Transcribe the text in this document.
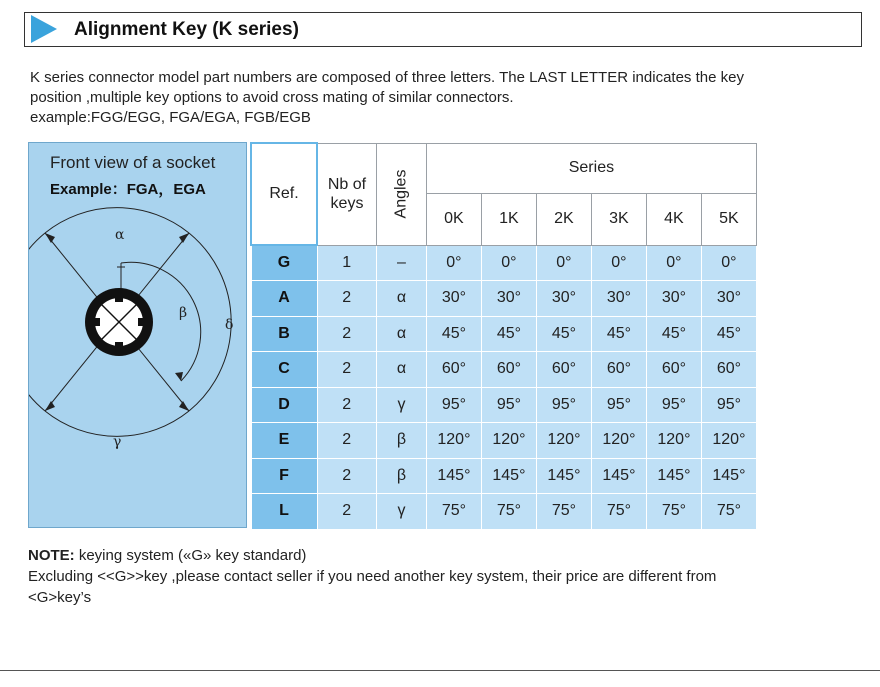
Alignment Key (K series)
K series connector model part numbers are composed of three letters. The LAST LETTER indicates the key
position ,multiple key options to avoid cross mating of similar connectors.
example:FGG/EGG, FGA/EGA, FGB/EGB
Front view of a socket
Example：FGA，EGA
α
β
δ
γ
Ref.	Nb of keys	Angles	Series					
			0K	1K	2K	3K	4K	5K
G	1	–	0°	0°	0°	0°	0°	0°
A	2	α	30°	30°	30°	30°	30°	30°
B	2	α	45°	45°	45°	45°	45°	45°
C	2	α	60°	60°	60°	60°	60°	60°
D	2	γ	95°	95°	95°	95°	95°	95°
E	2	β	120°	120°	120°	120°	120°	120°
F	2	β	145°	145°	145°	145°	145°	145°
L	2	γ	75°	75°	75°	75°	75°	75°
NOTE: keying system («G» key standard)
Excluding <<G>>key ,please contact seller if you need another key system, their price are different from
<G>key’s
